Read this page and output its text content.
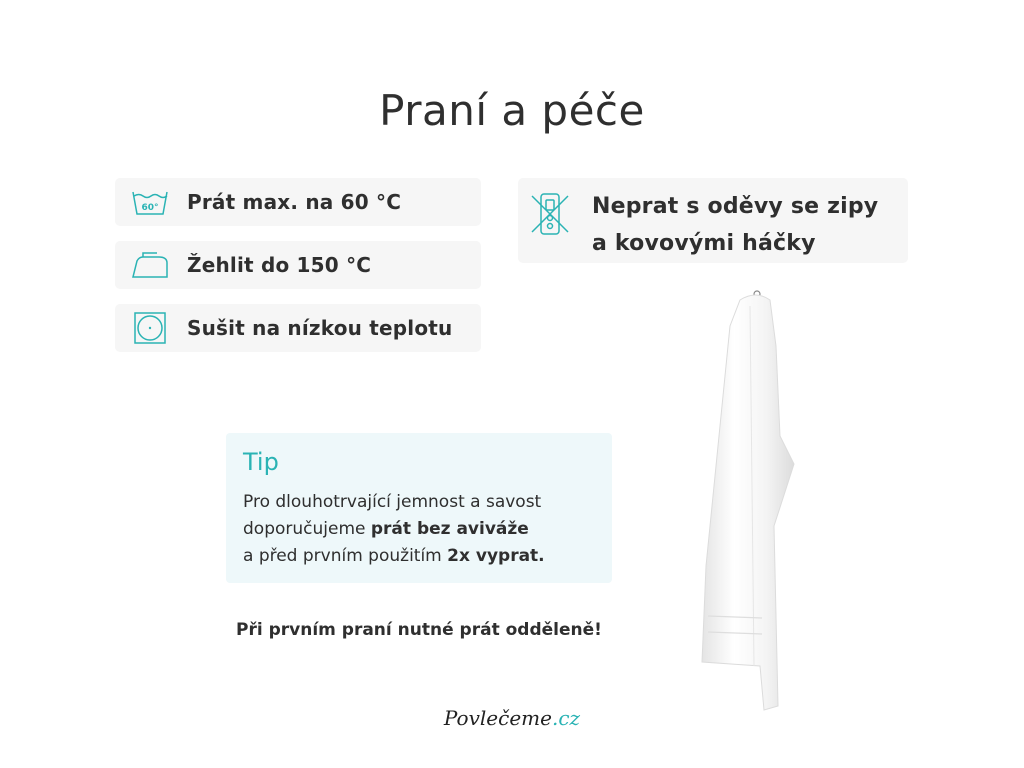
Praní a péče
60° Prát max. na 60 °C
Žehlit do 150 °C
Sušit na nízkou teplotu
Neprat s oděvy se zipy
a kovovými háčky
Tip
Pro dlouhotrvající jemnost a savost
doporučujeme prát bez aviváže
a před prvním použitím 2x vyprat.
Při prvním praní nutné prát odděleně!
Povlečeme.cz
